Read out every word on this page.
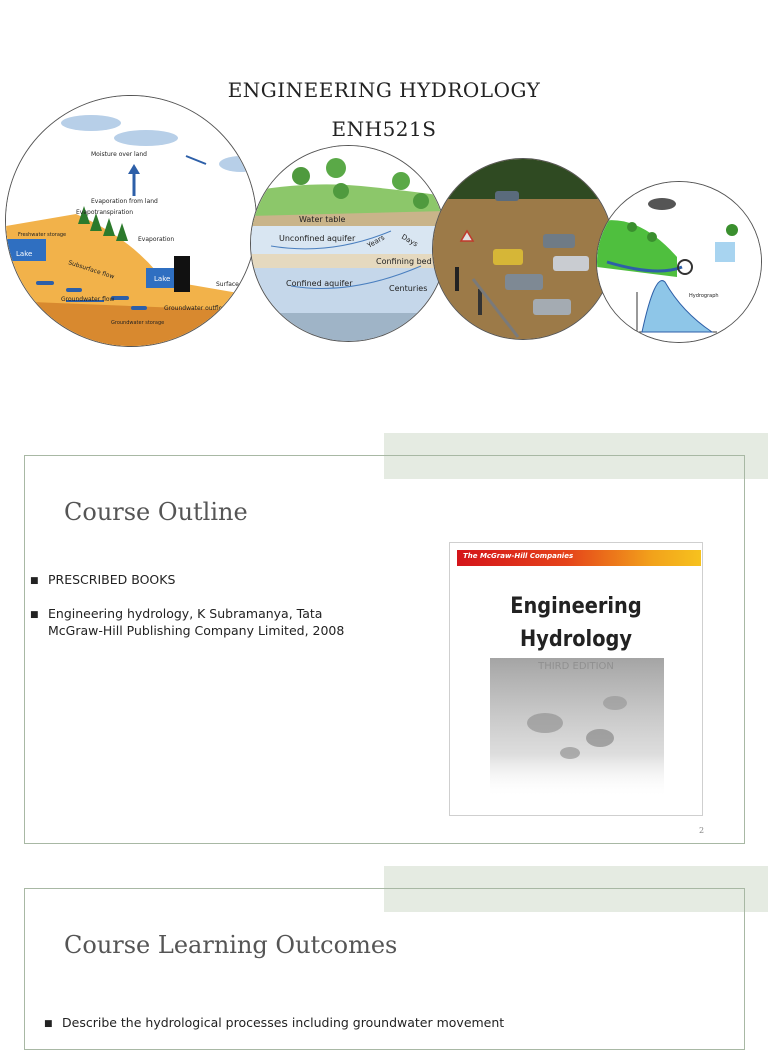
Moisture over land
Evaporation from land
Evapotranspiration
Evaporation
Freshwater storage
Lake
Lake
Subsurface flow
Groundwater flow
Groundwater outflow
Groundwater storage
Surface ou
Water table
Unconfined aquifer Years Days
Confining bed
Confined aquifer
Centuries
Hydrograph
ENGINEERING HYDROLOGY
ENH521S
Course Outline
■ PRESCRIBED BOOKS
■ Engineering hydrology, K Subramanya, Tata McGraw-Hill Publishing Company Limited, 2008
The McGraw-Hill Companies
Engineering
Hydrology
2
Course Learning Outcomes
■ Describe the hydrological processes including groundwater movement
